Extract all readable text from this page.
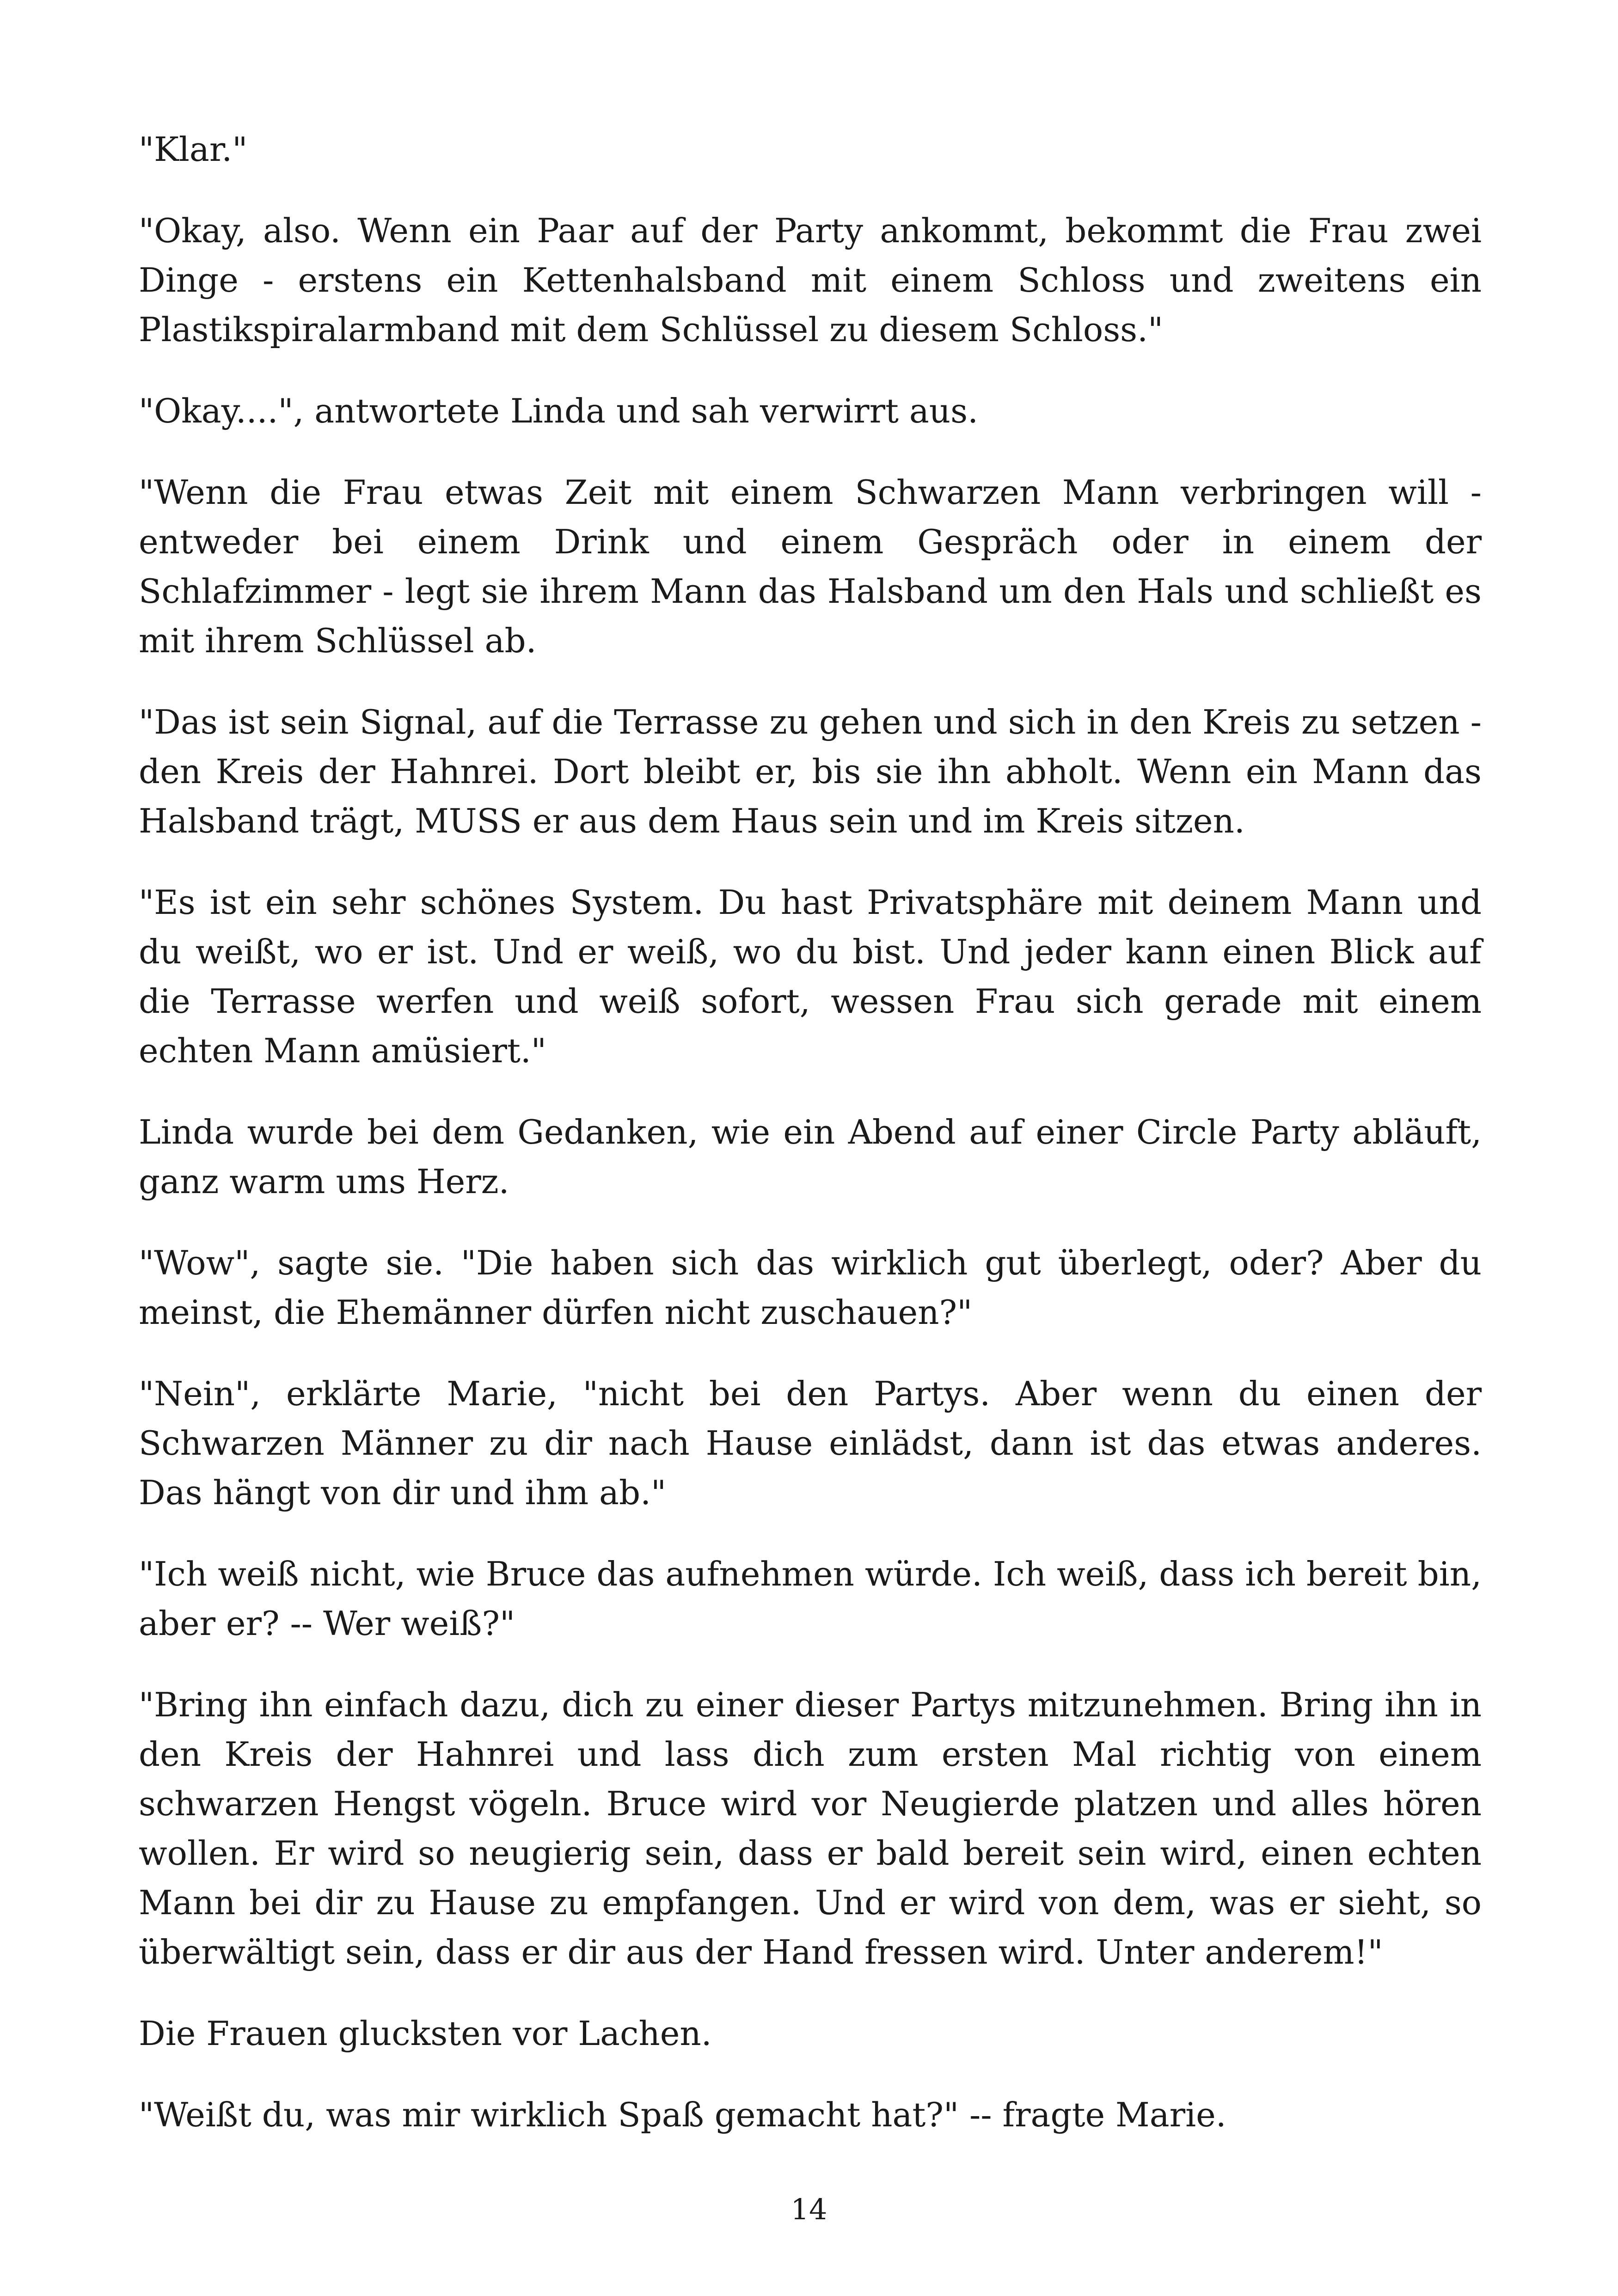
"Klar."

"Okay, also. Wenn ein Paar auf der Party ankommt, bekommt die Frau zwei Dinge - erstens ein Kettenhalsband mit einem Schloss und zweitens ein Plastikspiralarmband mit dem Schlüssel zu diesem Schloss."

"Okay....", antwortete Linda und sah verwirrt aus.

"Wenn die Frau etwas Zeit mit einem Schwarzen Mann verbringen will - entweder bei einem Drink und einem Gespräch oder in einem der Schlafzimmer - legt sie ihrem Mann das Halsband um den Hals und schließt es mit ihrem Schlüssel ab.

"Das ist sein Signal, auf die Terrasse zu gehen und sich in den Kreis zu setzen - den Kreis der Hahnrei. Dort bleibt er, bis sie ihn abholt. Wenn ein Mann das Halsband trägt, MUSS er aus dem Haus sein und im Kreis sitzen.

"Es ist ein sehr schönes System. Du hast Privatsphäre mit deinem Mann und du weißt, wo er ist. Und er weiß, wo du bist. Und jeder kann einen Blick auf die Terrasse werfen und weiß sofort, wessen Frau sich gerade mit einem echten Mann amüsiert."

Linda wurde bei dem Gedanken, wie ein Abend auf einer Circle Party abläuft, ganz warm ums Herz.

"Wow", sagte sie. "Die haben sich das wirklich gut überlegt, oder? Aber du meinst, die Ehemänner dürfen nicht zuschauen?"

"Nein", erklärte Marie, "nicht bei den Partys. Aber wenn du einen der Schwarzen Männer zu dir nach Hause einlädst, dann ist das etwas anderes. Das hängt von dir und ihm ab."

"Ich weiß nicht, wie Bruce das aufnehmen würde. Ich weiß, dass ich bereit bin, aber er? -- Wer weiß?"

"Bring ihn einfach dazu, dich zu einer dieser Partys mitzunehmen. Bring ihn in den Kreis der Hahnrei und lass dich zum ersten Mal richtig von einem schwarzen Hengst vögeln. Bruce wird vor Neugierde platzen und alles hören wollen. Er wird so neugierig sein, dass er bald bereit sein wird, einen echten Mann bei dir zu Hause zu empfangen. Und er wird von dem, was er sieht, so überwältigt sein, dass er dir aus der Hand fressen wird. Unter anderem!"

Die Frauen glucksten vor Lachen.

"Weißt du, was mir wirklich Spaß gemacht hat?" -- fragte Marie.

14
